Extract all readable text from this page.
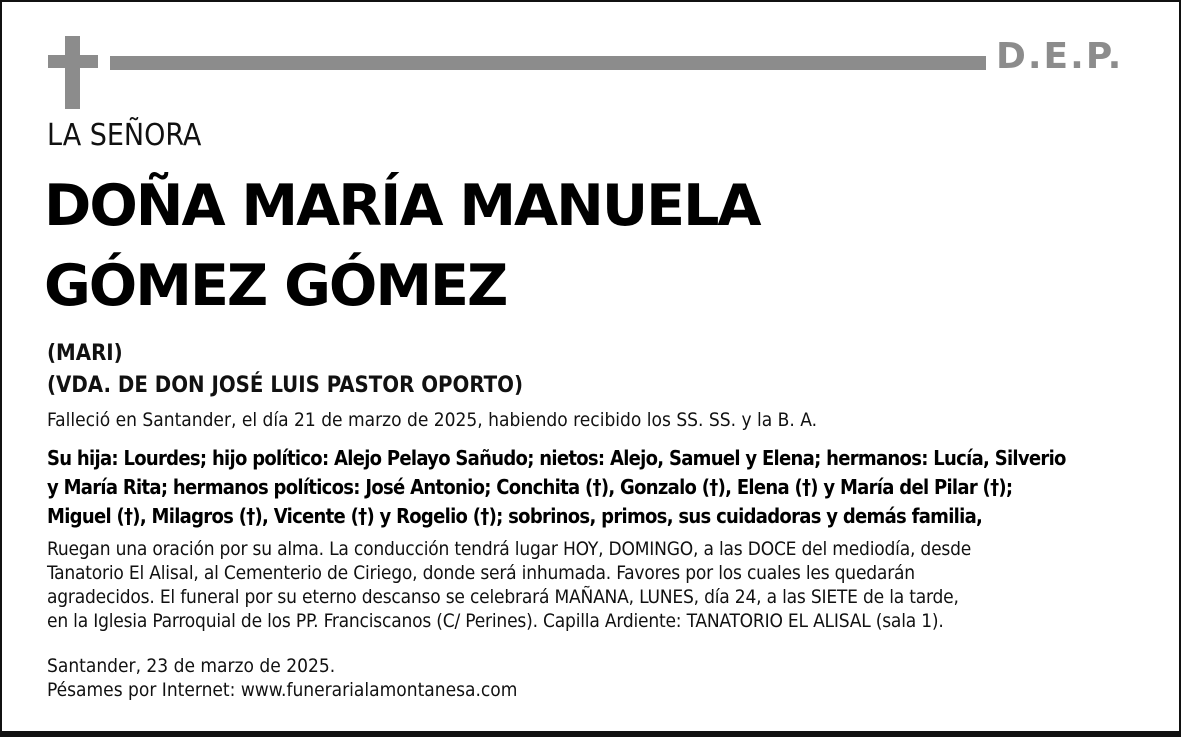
D.E.P.
LA SEÑORA
DOÑA MARÍA MANUELA
GÓMEZ GÓMEZ
(MARI)
(VDA. DE DON JOSÉ LUIS PASTOR OPORTO)
Falleció en Santander, el día 21 de marzo de 2025, habiendo recibido los SS. SS. y la B. A.
Su hija: Lourdes; hijo político: Alejo Pelayo Sañudo; nietos: Alejo, Samuel y Elena; hermanos: Lucía, Silverio
y María Rita; hermanos políticos: José Antonio; Conchita (†), Gonzalo (†), Elena (†) y María del Pilar (†);
Miguel (†), Milagros (†), Vicente (†) y Rogelio (†); sobrinos, primos, sus cuidadoras y demás familia,
Ruegan una oración por su alma. La conducción tendrá lugar HOY, DOMINGO, a las DOCE del mediodía, desde
Tanatorio El Alisal, al Cementerio de Ciriego, donde será inhumada. Favores por los cuales les quedarán
agradecidos. El funeral por su eterno descanso se celebrará MAÑANA, LUNES, día 24, a las SIETE de la tarde,
en la Iglesia Parroquial de los PP. Franciscanos (C/ Perines). Capilla Ardiente: TANATORIO EL ALISAL (sala 1).
Santander, 23 de marzo de 2025.
Pésames por Internet: www.funerarialamontanesa.com
